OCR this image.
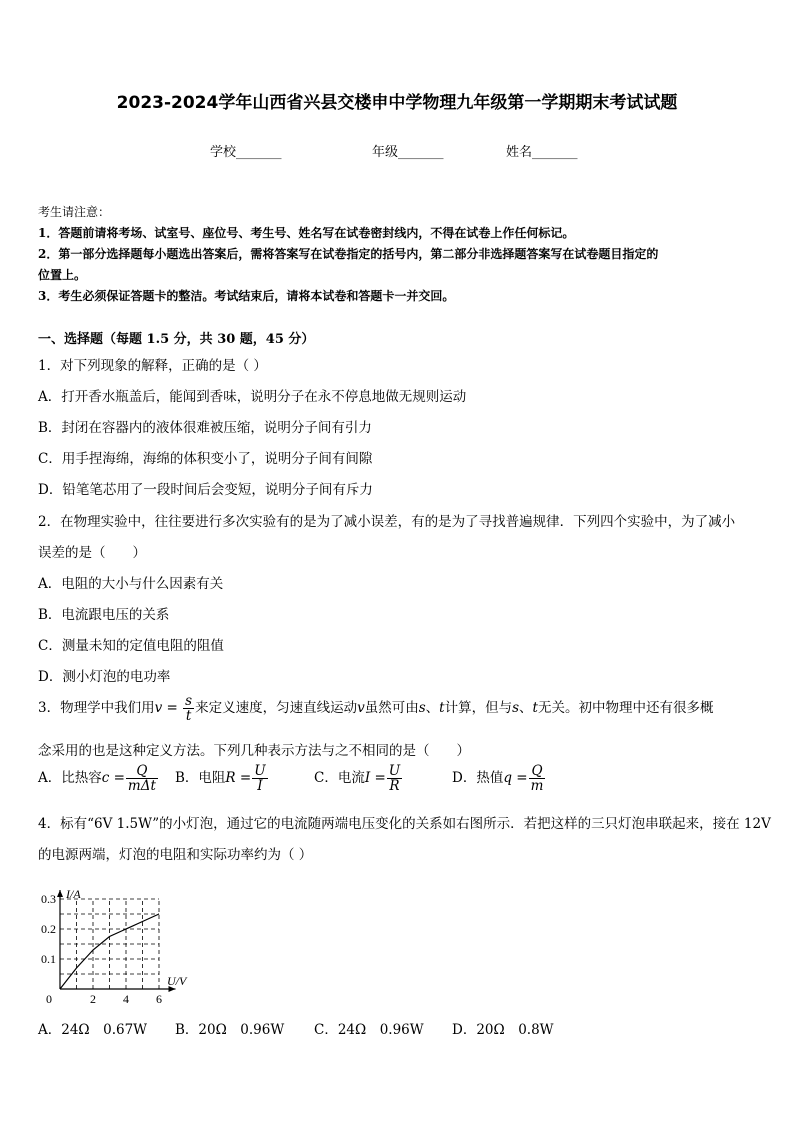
2023-2024学年山西省兴县交楼申中学物理九年级第一学期期末考试试题
学校_______	年级_______	姓名_______
考生请注意：
1．答题前请将考场、试室号、座位号、考生号、姓名写在试卷密封线内，不得在试卷上作任何标记。
2．第一部分选择题每小题选出答案后，需将答案写在试卷指定的括号内，第二部分非选择题答案写在试卷题目指定的
位置上。
3．考生必须保证答题卡的整洁。考试结束后，请将本试卷和答题卡一并交回。
一、选择题（每题 1.5 分，共 30 题，45 分）
1．对下列现象的解释，正确的是（ ）
A．打开香水瓶盖后，能闻到香味，说明分子在永不停息地做无规则运动
B．封闭在容器内的液体很难被压缩，说明分子间有引力
C．用手捏海绵，海绵的体积变小了，说明分子间有间隙
D．铅笔笔芯用了一段时间后会变短，说明分子间有斥力
2．在物理实验中，往往要进行多次实验有的是为了减小误差，有的是为了寻找普遍规律．下列四个实验中，为了减小
误差的是（　　）
A．电阻的大小与什么因素有关
B．电流跟电压的关系
C．测量未知的定值电阻的阻值
D．测小灯泡的电功率
3．物理学中我们用$v = \frac{s}{t}$ 来定义速度，匀速直线运动v虽然可由s、t计算，但与s、t无关。初中物理中还有很多概
念采用的也是这种定义方法。下列几种表示方法与之不相同的是（　　）
A．比热容$c = \frac{Q}{\text{mΔt}}$ B．电阻$R = \frac{U}{I}$	C．电流$I = \frac{U}{R}$	D．热值$q = \frac{Q}{m}$
4．标有“6V 1.5W”的小灯泡，通过它的电流随两端电压变化的关系如右图所示．若把这样的三只灯泡串联起来，接在 12V
的电源两端，灯泡的电阻和实际功率约为（ ）
2 4 6
0.1
0.2
0.3
0
U/V
I/A
A．24Ω　0.67W B．20Ω　0.96W C．24Ω　0.96W D．20Ω　0.8W
